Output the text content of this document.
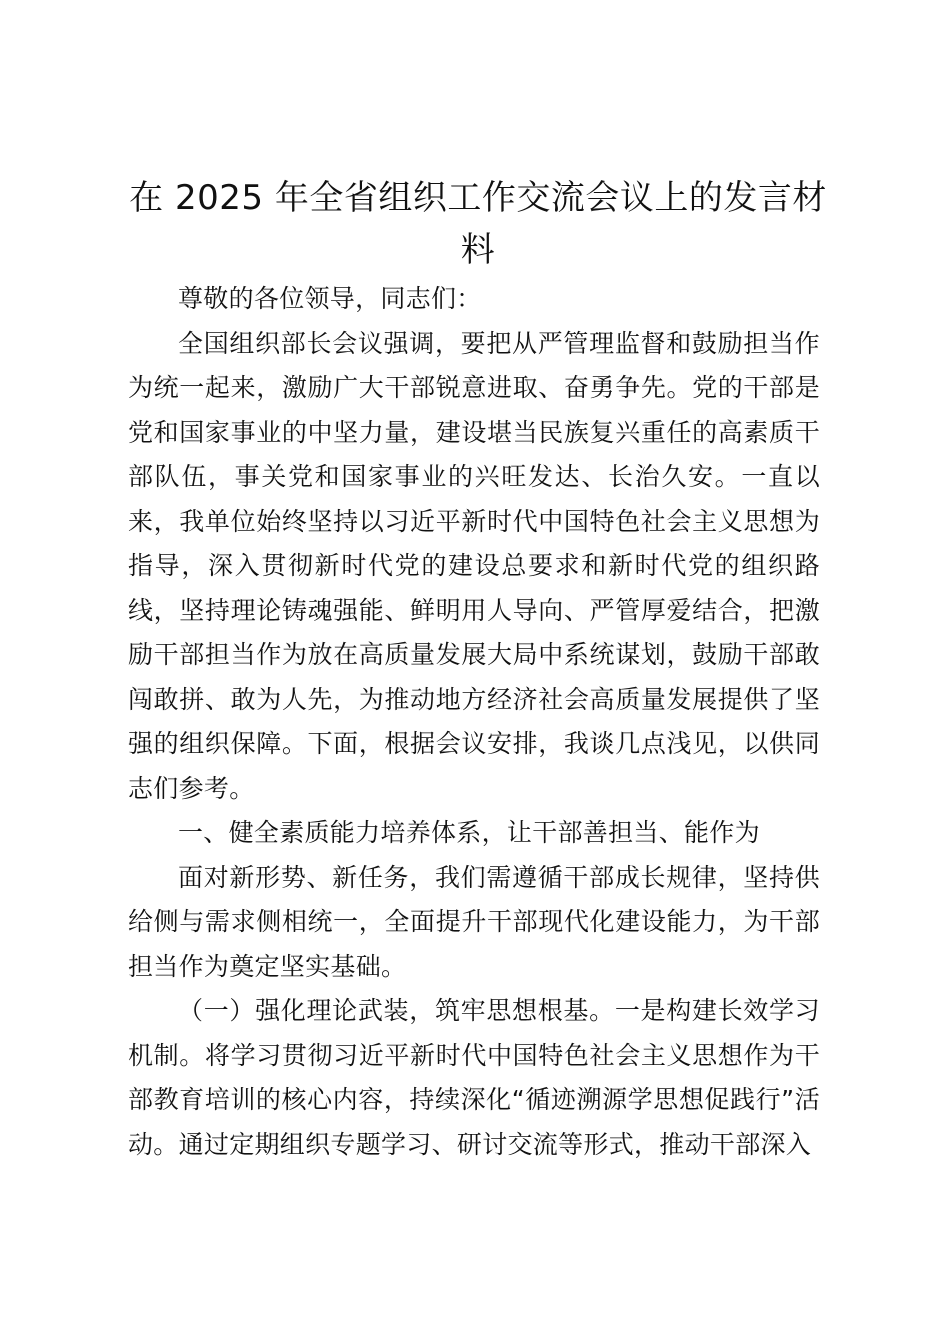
在 2025 年全省组织工作交流会议上的发言材料

尊敬的各位领导，同志们：

全国组织部长会议强调，要把从严管理监督和鼓励担当作为统一起来，激励广大干部锐意进取、奋勇争先。党的干部是党和国家事业的中坚力量，建设堪当民族复兴重任的高素质干部队伍，事关党和国家事业的兴旺发达、长治久安。一直以来，我单位始终坚持以习近平新时代中国特色社会主义思想为指导，深入贯彻新时代党的建设总要求和新时代党的组织路线，坚持理论铸魂强能、鲜明用人导向、严管厚爱结合，把激励干部担当作为放在高质量发展大局中系统谋划，鼓励干部敢闯敢拼、敢为人先，为推动地方经济社会高质量发展提供了坚强的组织保障。下面，根据会议安排，我谈几点浅见，以供同志们参考。

一、健全素质能力培养体系，让干部善担当、能作为

面对新形势、新任务，我们需遵循干部成长规律，坚持供给侧与需求侧相统一，全面提升干部现代化建设能力，为干部担当作为奠定坚实基础。

（一）强化理论武装，筑牢思想根基。一是构建长效学习机制。将学习贯彻习近平新时代中国特色社会主义思想作为干部教育培训的核心内容，持续深化“循迹溯源学思想促践行”活动。通过定期组织专题学习、研讨交流等形式，推动干部深入
